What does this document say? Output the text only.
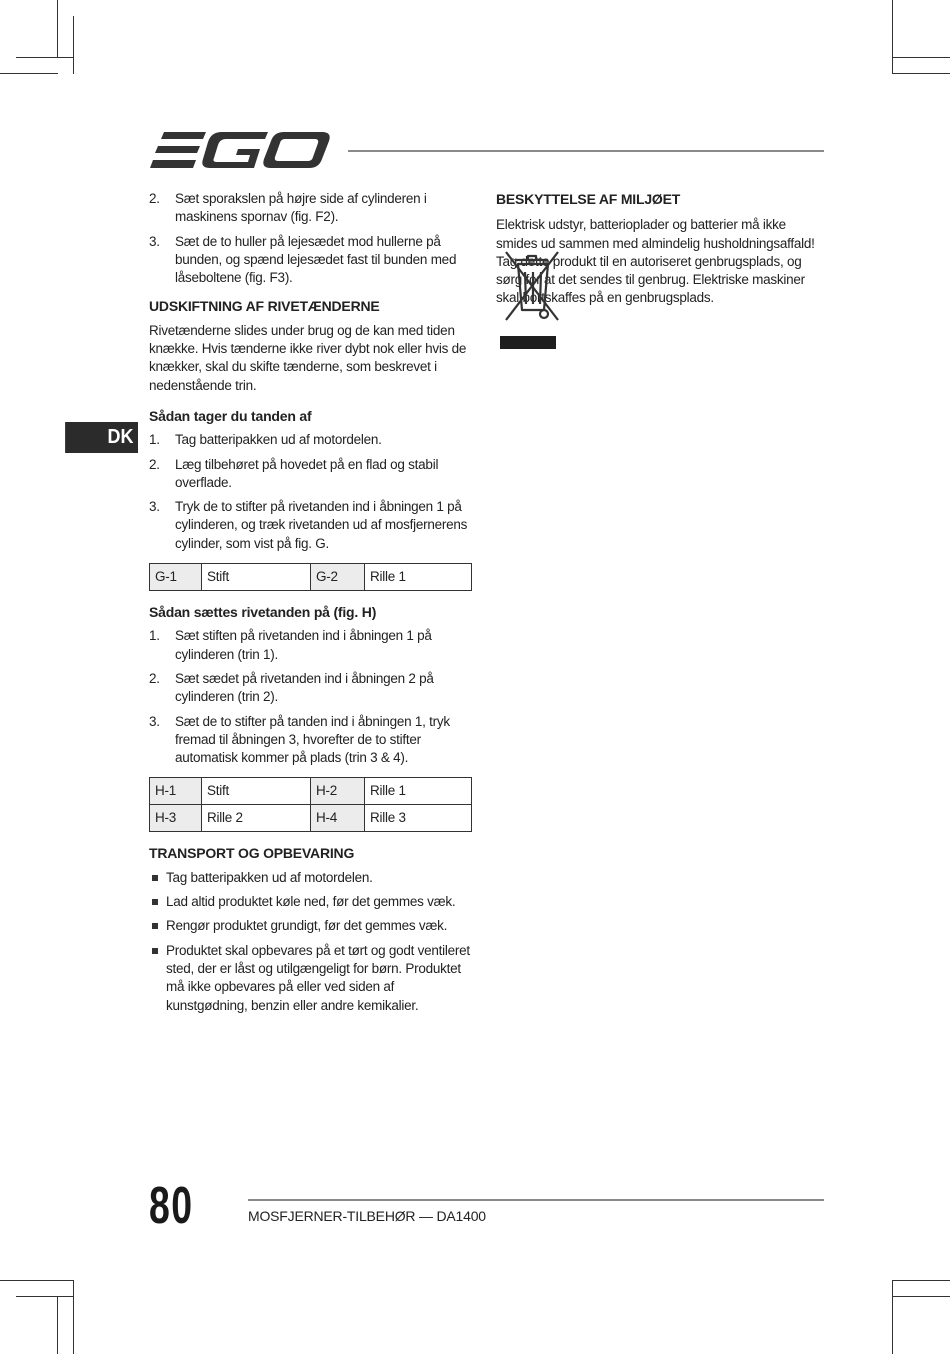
DK
2. Sæt sporakslen på højre side af cylinderen i maskinens spornav (fig. F2).
3. Sæt de to huller på lejesædet mod hullerne på bunden, og spænd lejesædet fast til bunden med låseboltene (fig. F3).
UDSKIFTNING AF RIVETÆNDERNE

Rivetænderne slides under brug og de kan med tiden knække. Hvis tænderne ikke river dybt nok eller hvis de knækker, skal du skifte tænderne, som beskrevet i nedenstående trin.

Sådan tager du tanden af
1. Tag batteripakken ud af motordelen.
2. Læg tilbehøret på hovedet på en flad og stabil overflade.
3. Tryk de to stifter på rivetanden ind i åbningen 1 på cylinderen, og træk rivetanden ud af mosfjernerens cylinder, som vist på fig. G.
G-1	Stift	G-2	Rille 1
Sådan sættes rivetanden på (fig. H)
1. Sæt stiften på rivetanden ind i åbningen 1 på cylinderen (trin 1).
2. Sæt sædet på rivetanden ind i åbningen 2 på cylinderen (trin 2).
3. Sæt de to stifter på tanden ind i åbningen 1, tryk fremad til åbningen 3, hvorefter de to stifter automatisk kommer på plads (trin 3 & 4).
H-1	Stift	H-2	Rille 1
H-3	Rille 2	H-4	Rille 3
TRANSPORT OG OPBEVARING
Tag batteripakken ud af motordelen.
Lad altid produktet køle ned, før det gemmes væk.
Rengør produktet grundigt, før det gemmes væk.
Produktet skal opbevares på et tørt og godt ventileret sted, der er låst og utilgængeligt for børn. Produktet må ikke opbevares på eller ved siden af kunstgødning, benzin eller andre kemikalier.
BESKYTTELSE AF MILJØET

Elektrisk udstyr, batterioplader og batterier må ikke smides ud sammen med almindelig husholdningsaffald! Tag dette produkt til en autoriseret genbrugsplads, og sørg for at det sendes til genbrug. Elektriske maskiner skal bortskaffes på en genbrugsplads.

80	MOSFJERNER-TILBEHØR — DA1400
